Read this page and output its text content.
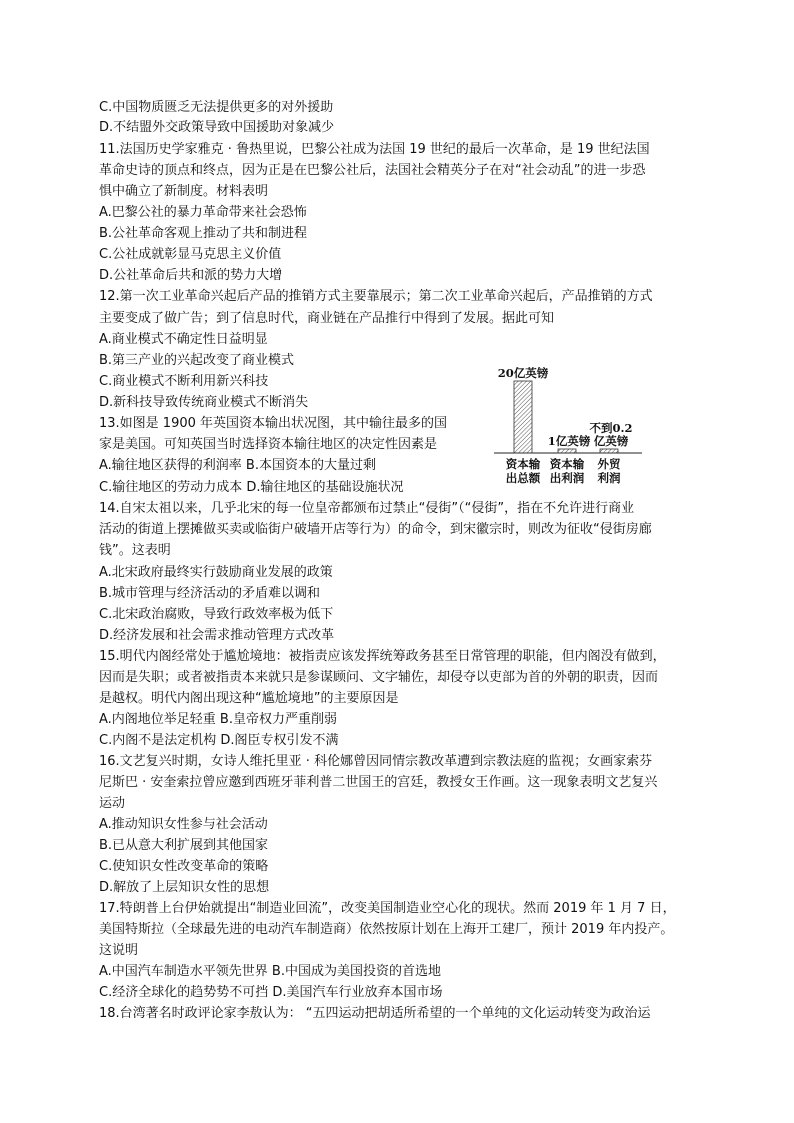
C.中国物质匮乏无法提供更多的对外援助
D.不结盟外交政策导致中国援助对象减少
11.法国历史学家雅克 · 鲁热里说，巴黎公社成为法国 19 世纪的最后一次革命，是 19 世纪法国
革命史诗的顶点和终点，因为正是在巴黎公社后，法国社会精英分子在对“社会动乱”的进一步恐
惧中确立了新制度。材料表明
A.巴黎公社的暴力革命带来社会恐怖
B.公社革命客观上推动了共和制进程
C.公社成就彰显马克思主义价值
D.公社革命后共和派的势力大增
12.第一次工业革命兴起后产品的推销方式主要靠展示；第二次工业革命兴起后，产品推销的方式
主要变成了做广告；到了信息时代，商业链在产品推行中得到了发展。据此可知
A.商业模式不确定性日益明显
B.第三产业的兴起改变了商业模式
C.商业模式不断利用新兴科技
D.新科技导致传统商业模式不断消失
13.如图是 1900 年英国资本输出状况图，其中输往最多的国
家是美国。可知英国当时选择资本输往地区的决定性因素是
A.输往地区获得的利润率 B.本国资本的大量过剩
C.输往地区的劳动力成本 D.输往地区的基础设施状况
14.自宋太祖以来，几乎北宋的每一位皇帝都颁布过禁止“侵街”（“侵街”，指在不允许进行商业
活动的街道上摆摊做买卖或临街户破墙开店等行为）的命令，到宋徽宗时，则改为征收“侵街房廊
钱”。这表明
A.北宋政府最终实行鼓励商业发展的政策
B.城市管理与经济活动的矛盾难以调和
C.北宋政治腐败，导致行政效率极为低下
D.经济发展和社会需求推动管理方式改革
15.明代内阁经常处于尴尬境地：被指责应该发挥统筹政务甚至日常管理的职能，但内阁没有做到，
因而是失职；或者被指责本来就只是参谋顾问、文字辅佐，却侵夺以吏部为首的外朝的职责，因而
是越权。明代内阁出现这种“尴尬境地”的主要原因是
A.内阁地位举足轻重 B.皇帝权力严重削弱
C.内阁不是法定机构 D.阁臣专权引发不满
16.文艺复兴时期，女诗人维托里亚 · 科伦娜曾因同情宗教改革遭到宗教法庭的监视；女画家索芬
尼斯巴 · 安奎索拉曾应邀到西班牙菲利普二世国王的宫廷，教授女王作画。这一现象表明文艺复兴
运动
A.推动知识女性参与社会活动
B.已从意大利扩展到其他国家
C.使知识女性改变革命的策略
D.解放了上层知识女性的思想
17.特朗普上台伊始就提出“制造业回流”，改变美国制造业空心化的现状。然而 2019 年 1 月 7 日，
美国特斯拉（全球最先进的电动汽车制造商）依然按原计划在上海开工建厂，预计 2019 年内投产。
这说明
A.中国汽车制造水平领先世界 B.中国成为美国投资的首选地
C.经济全球化的趋势势不可挡 D.美国汽车行业放弃本国市场
18.台湾著名时政评论家李敖认为： “五四运动把胡适所希望的一个单纯的文化运动转变为政治运
20亿英镑
资本输
出总额
1亿英镑
资本输
出利润
不到0.2
亿英镑
外贸
利润
